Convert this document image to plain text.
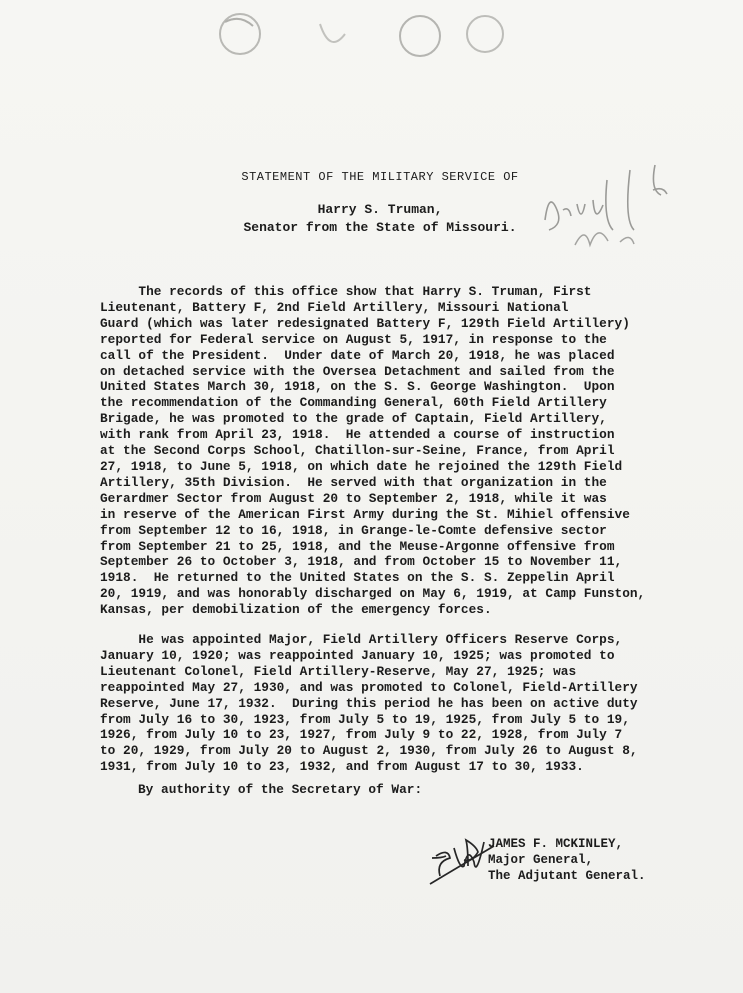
STATEMENT OF THE MILITARY SERVICE OF
Harry S. Truman,
Senator from the State of Missouri.
The records of this office show that Harry S. Truman, First
Lieutenant, Battery F, 2nd Field Artillery, Missouri National
Guard (which was later redesignated Battery F, 129th Field Artillery)
reported for Federal service on August 5, 1917, in response to the
call of the President.  Under date of March 20, 1918, he was placed
on detached service with the Oversea Detachment and sailed from the
United States March 30, 1918, on the S. S. George Washington.  Upon
the recommendation of the Commanding General, 60th Field Artillery
Brigade, he was promoted to the grade of Captain, Field Artillery,
with rank from April 23, 1918.  He attended a course of instruction
at the Second Corps School, Chatillon-sur-Seine, France, from April
27, 1918, to June 5, 1918, on which date he rejoined the 129th Field
Artillery, 35th Division.  He served with that organization in the
Gerardmer Sector from August 20 to September 2, 1918, while it was
in reserve of the American First Army during the St. Mihiel offensive
from September 12 to 16, 1918, in Grange-le-Comte defensive sector
from September 21 to 25, 1918, and the Meuse-Argonne offensive from
September 26 to October 3, 1918, and from October 15 to November 11,
1918.  He returned to the United States on the S. S. Zeppelin April
20, 1919, and was honorably discharged on May 6, 1919, at Camp Funston,
Kansas, per demobilization of the emergency forces.
He was appointed Major, Field Artillery Officers Reserve Corps,
January 10, 1920; was reappointed January 10, 1925; was promoted to
Lieutenant Colonel, Field Artillery-Reserve, May 27, 1925; was
reappointed May 27, 1930, and was promoted to Colonel, Field-Artillery
Reserve, June 17, 1932.  During this period he has been on active duty
from July 16 to 30, 1923, from July 5 to 19, 1925, from July 5 to 19,
1926, from July 10 to 23, 1927, from July 9 to 22, 1928, from July 7
to 20, 1929, from July 20 to August 2, 1930, from July 26 to August 8,
1931, from July 10 to 23, 1932, and from August 17 to 30, 1933.
By authority of the Secretary of War:
JAMES F. MCKINLEY,
Major General,
The Adjutant General.
